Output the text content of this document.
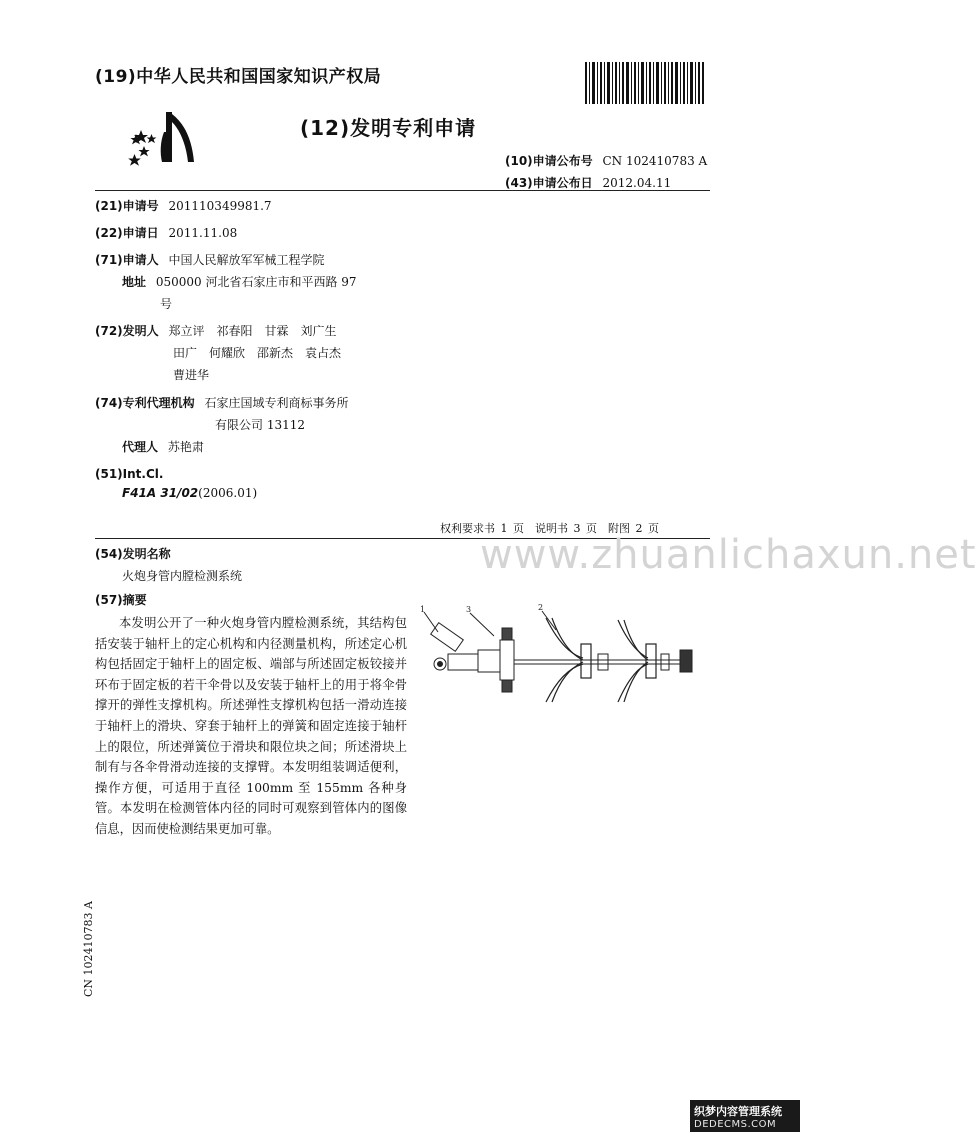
(19)中华人民共和国国家知识产权局
(12)发明专利申请
(10)申请公布号 CN 102410783 A
(43)申请公布日 2012.04.11
(21)申请号 201110349981.7
(22)申请日 2011.11.08
(71)申请人 中国人民解放军军械工程学院
地址 050000 河北省石家庄市和平西路 97
号
(72)发明人 郑立评　祁春阳　甘霖　刘广生
田广　何耀欣　邵新杰　袁占杰
曹进华
(74)专利代理机构 石家庄国域专利商标事务所
有限公司 13112
代理人 苏艳肃
(51)Int.Cl.
F41A 31/02(2006.01)
权利要求书 1 页　说明书 3 页　附图 2 页
www.zhuanlichaxun.net
(54)发明名称
火炮身管内膛检测系统
(57)摘要
本发明公开了一种火炮身管内膛检测系统，其结构包括安装于轴杆上的定心机构和内径测量机构，所述定心机构包括固定于轴杆上的固定板、端部与所述固定板铰接并环布于固定板的若干伞骨以及安装于轴杆上的用于将伞骨撑开的弹性支撑机构。所述弹性支撑机构包括一滑动连接于轴杆上的滑块、穿套于轴杆上的弹簧和固定连接于轴杆上的限位，所述弹簧位于滑块和限位块之间；所述滑块上制有与各伞骨滑动连接的支撑臂。本发明组装调适便利，操作方便，可适用于直径 100mm 至 155mm 各种身管。本发明在检测管体内径的同时可观察到管体内的图像信息，因而使检测结果更加可靠。
1	3	2
CN 102410783 A
织梦内容管理系统
DEDECMS.COM
